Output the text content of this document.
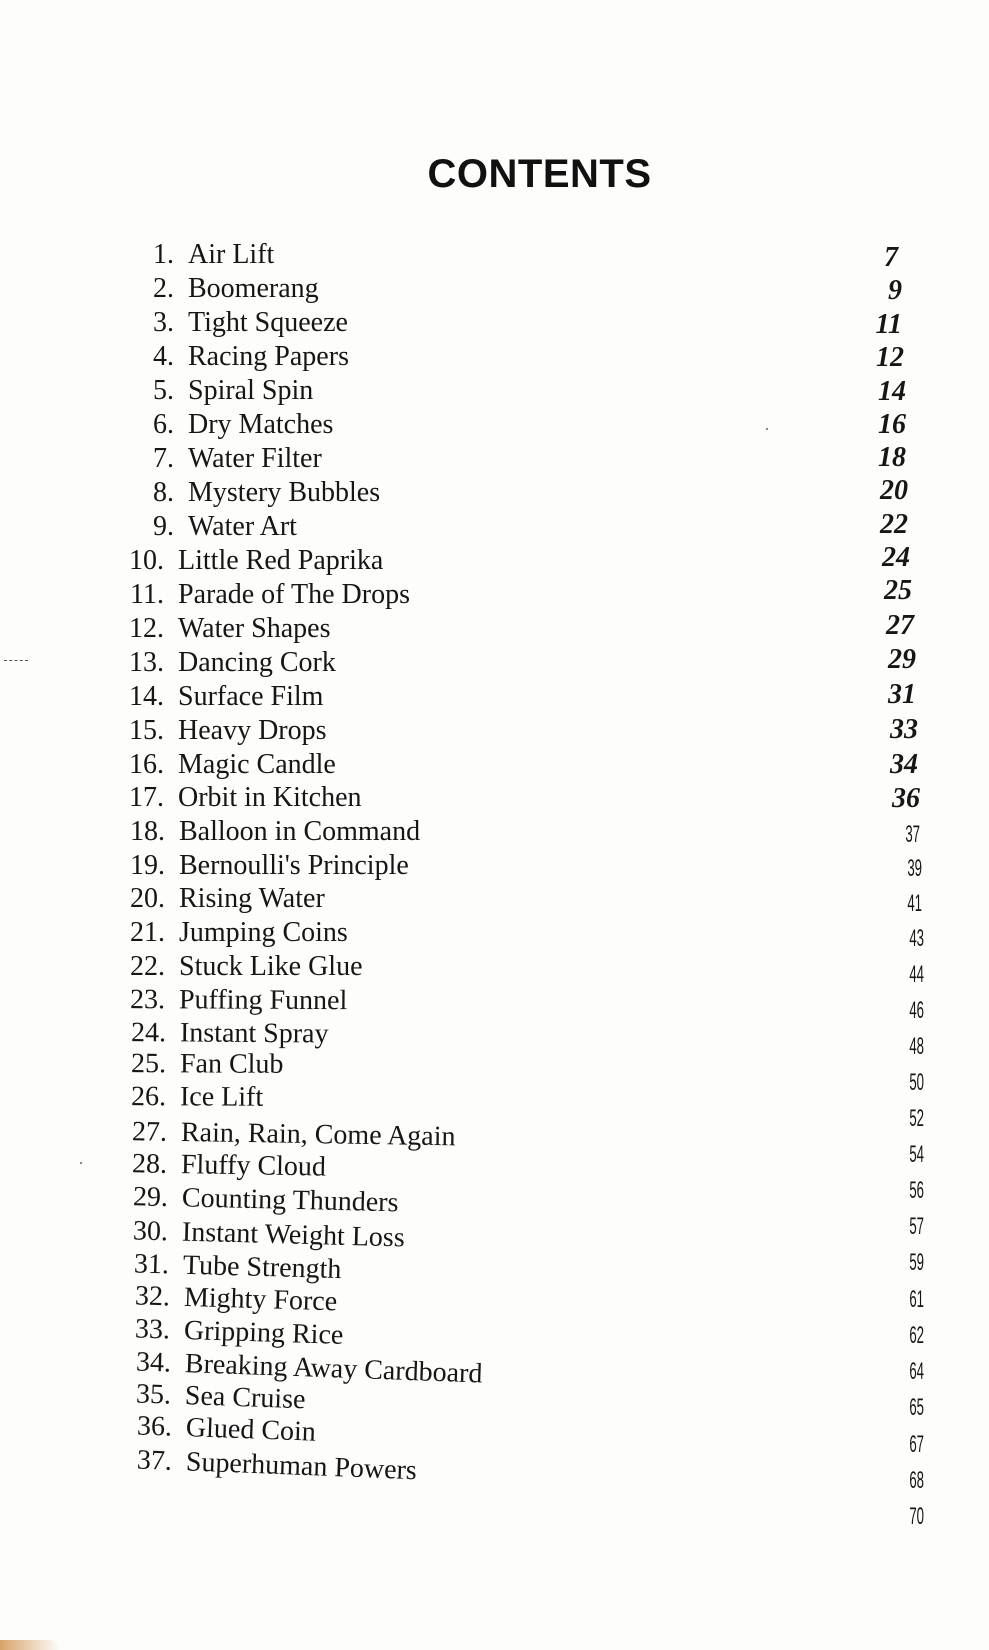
CONTENTS
1. Air Lift
2. Boomerang
3. Tight Squeeze
4. Racing Papers
5. Spiral Spin
6. Dry Matches
7. Water Filter
8. Mystery Bubbles
9. Water Art
10. Little Red Paprika
11. Parade of The Drops
12. Water Shapes
13. Dancing Cork
14. Surface Film
15. Heavy Drops
16. Magic Candle
17. Orbit in Kitchen
18. Balloon in Command
19. Bernoulli's Principle
20. Rising Water
21. Jumping Coins
22. Stuck Like Glue
23. Puffing Funnel
24. Instant Spray
25. Fan Club
26. Ice Lift
27. Rain, Rain, Come Again
28. Fluffy Cloud
29. Counting Thunders
30. Instant Weight Loss
31. Tube Strength
32. Mighty Force
33. Gripping Rice
34. Breaking Away Cardboard
35. Sea Cruise
36. Glued Coin
37. Superhuman Powers
7
9
11
12
14
16
18
20
22
24
25
27
29
31
33
34
36
37
39
41
43
44
46
48
50
52
54
56
57
59
61
62
64
65
67
68
70
